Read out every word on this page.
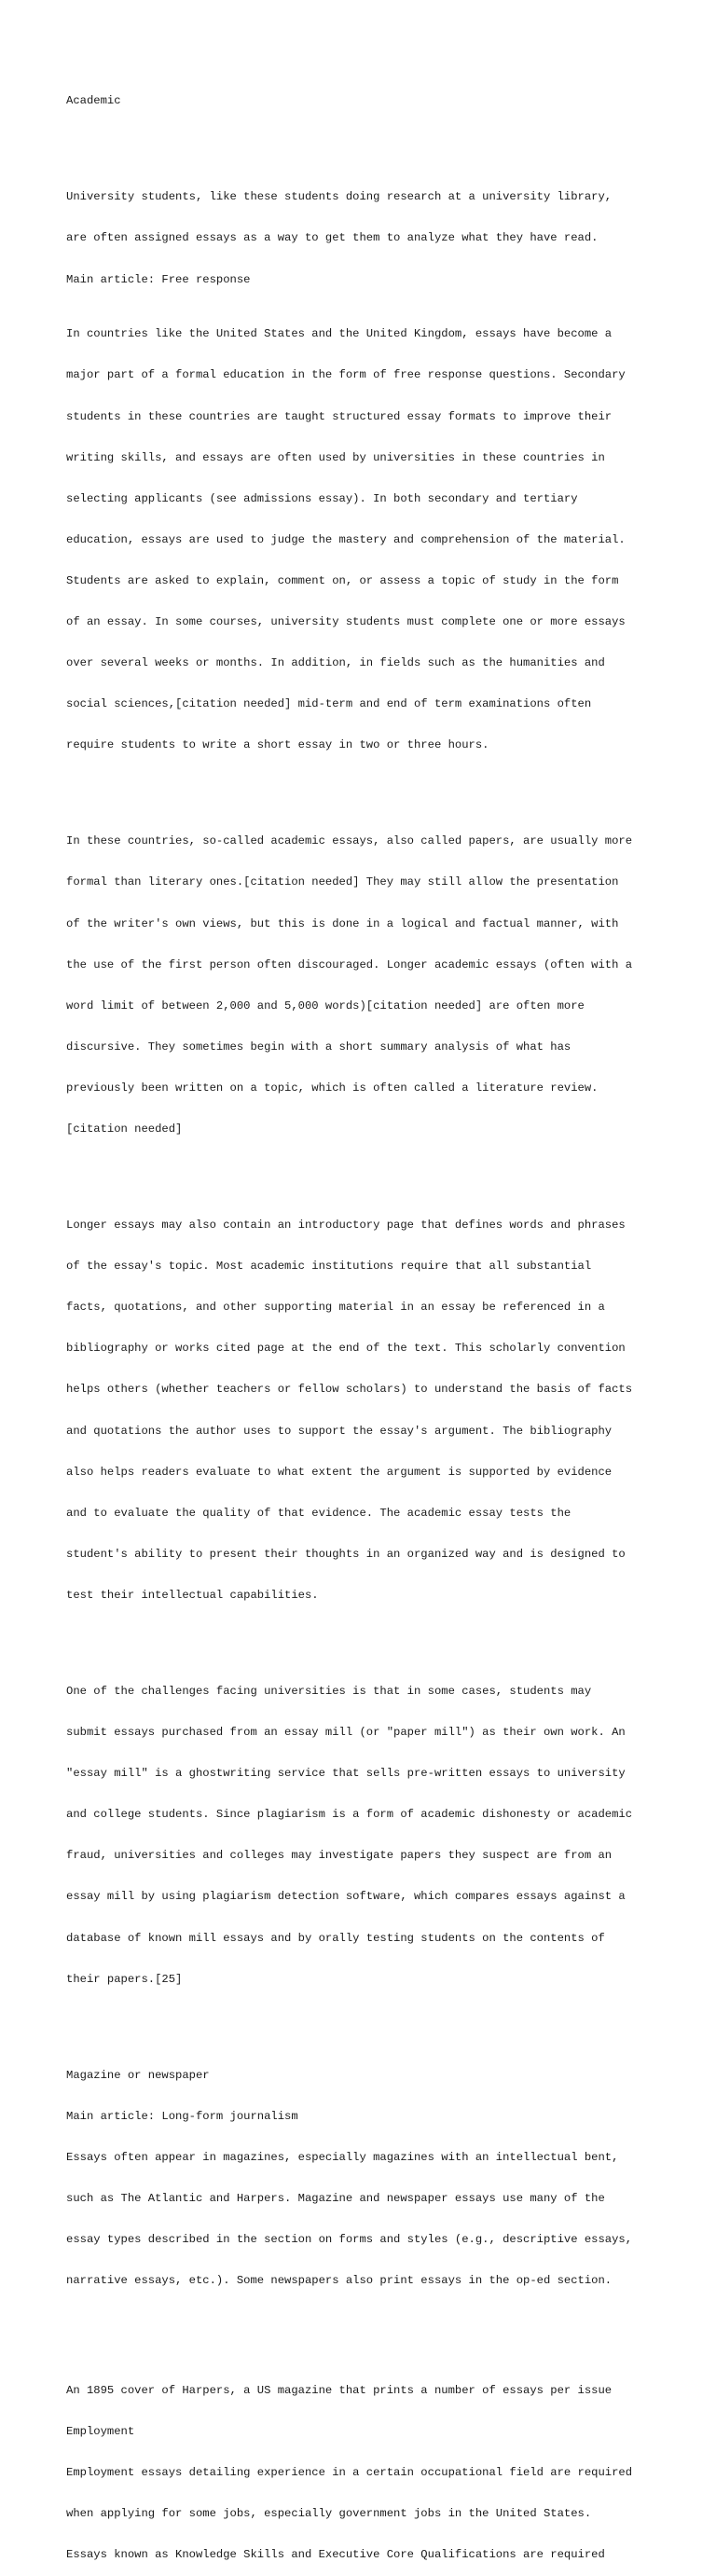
Academic

University students, like these students doing research at a university library,

are often assigned essays as a way to get them to analyze what they have read.

Main article: Free response

In countries like the United States and the United Kingdom, essays have become a

major part of a formal education in the form of free response questions. Secondary

students in these countries are taught structured essay formats to improve their

writing skills, and essays are often used by universities in these countries in

selecting applicants (see admissions essay). In both secondary and tertiary

education, essays are used to judge the mastery and comprehension of the material.

Students are asked to explain, comment on, or assess a topic of study in the form

of an essay. In some courses, university students must complete one or more essays

over several weeks or months. In addition, in fields such as the humanities and

social sciences,[citation needed] mid-term and end of term examinations often

require students to write a short essay in two or three hours.

In these countries, so-called academic essays, also called papers, are usually more

formal than literary ones.[citation needed] They may still allow the presentation

of the writer's own views, but this is done in a logical and factual manner, with

the use of the first person often discouraged. Longer academic essays (often with a

word limit of between 2,000 and 5,000 words)[citation needed] are often more

discursive. They sometimes begin with a short summary analysis of what has

previously been written on a topic, which is often called a literature review.

[citation needed]

Longer essays may also contain an introductory page that defines words and phrases

of the essay's topic. Most academic institutions require that all substantial

facts, quotations, and other supporting material in an essay be referenced in a

bibliography or works cited page at the end of the text. This scholarly convention

helps others (whether teachers or fellow scholars) to understand the basis of facts

and quotations the author uses to support the essay's argument. The bibliography

also helps readers evaluate to what extent the argument is supported by evidence

and to evaluate the quality of that evidence. The academic essay tests the

student's ability to present their thoughts in an organized way and is designed to

test their intellectual capabilities.

One of the challenges facing universities is that in some cases, students may

submit essays purchased from an essay mill (or "paper mill") as their own work. An

"essay mill" is a ghostwriting service that sells pre-written essays to university

and college students. Since plagiarism is a form of academic dishonesty or academic

fraud, universities and colleges may investigate papers they suspect are from an

essay mill by using plagiarism detection software, which compares essays against a

database of known mill essays and by orally testing students on the contents of

their papers.[25]

Magazine or newspaper

Main article: Long-form journalism

Essays often appear in magazines, especially magazines with an intellectual bent,

such as The Atlantic and Harpers. Magazine and newspaper essays use many of the

essay types described in the section on forms and styles (e.g., descriptive essays,

narrative essays, etc.). Some newspapers also print essays in the op-ed section.

An 1895 cover of Harpers, a US magazine that prints a number of essays per issue

Employment

Employment essays detailing experience in a certain occupational field are required

when applying for some jobs, especially government jobs in the United States.

Essays known as Knowledge Skills and Executive Core Qualifications are required
